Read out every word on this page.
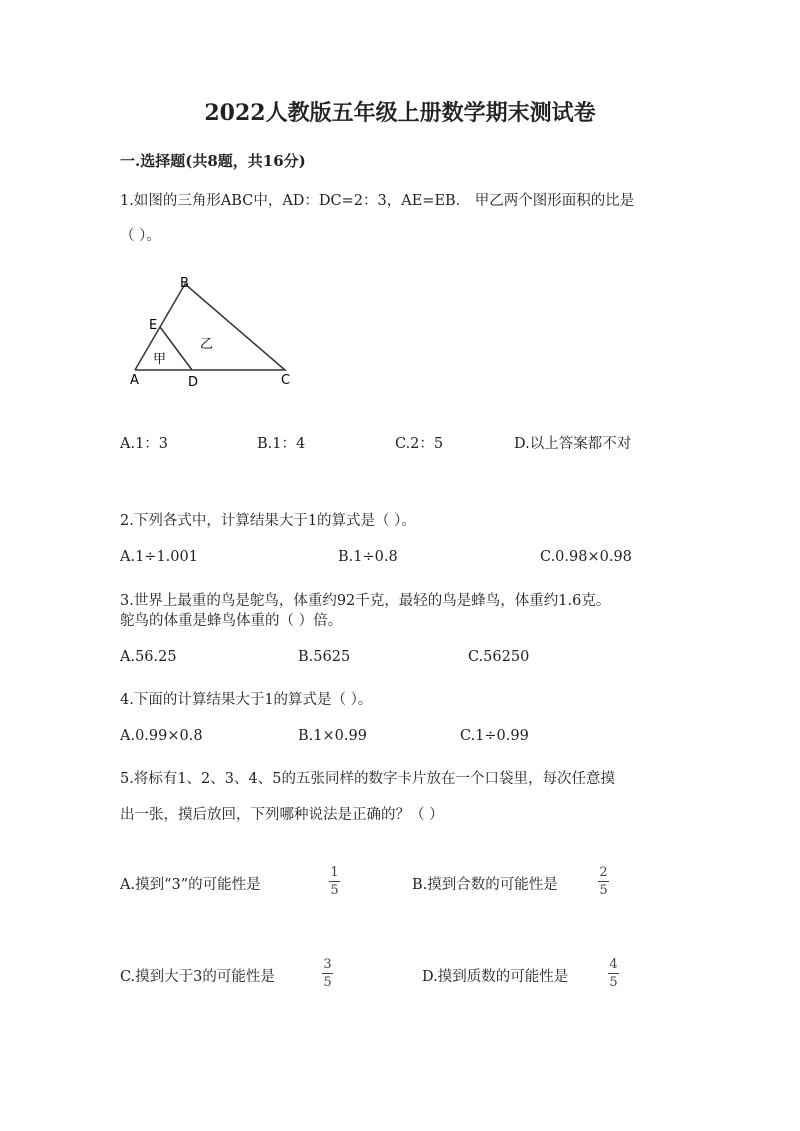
2022人教版五年级上册数学期末测试卷
一.选择题(共8题，共16分)
1.如图的三角形ABC中，AD：DC=2：3，AE=EB． 甲乙两个图形面积的比是
（ ）。
B
E
A	D	C
甲
乙
A.1：3	B.1：4	C.2：5	D.以上答案都不对
2.下列各式中，计算结果大于1的算式是（ ）。
A.1÷1.001	B.1÷0.8	C.0.98×0.98
3.世界上最重的鸟是鸵鸟，体重约92千克，最轻的鸟是蜂鸟，体重约1.6克。
鸵鸟的体重是蜂鸟体重的（ ）倍。
A.56.25	B.5625	C.56250
4.下面的计算结果大于1的算式是（ ）。
A.0.99×0.8	B.1×0.99	C.1÷0.99
5.将标有1、2、3、4、5的五张同样的数字卡片放在一个口袋里，每次任意摸
出一张，摸后放回，下列哪种说法是正确的？（ ）
A.摸到“3”的可能性是
1
5	B.摸到合数的可能性是
2
5
C.摸到大于3的可能性是
3
5	D.摸到质数的可能性是
4
5
